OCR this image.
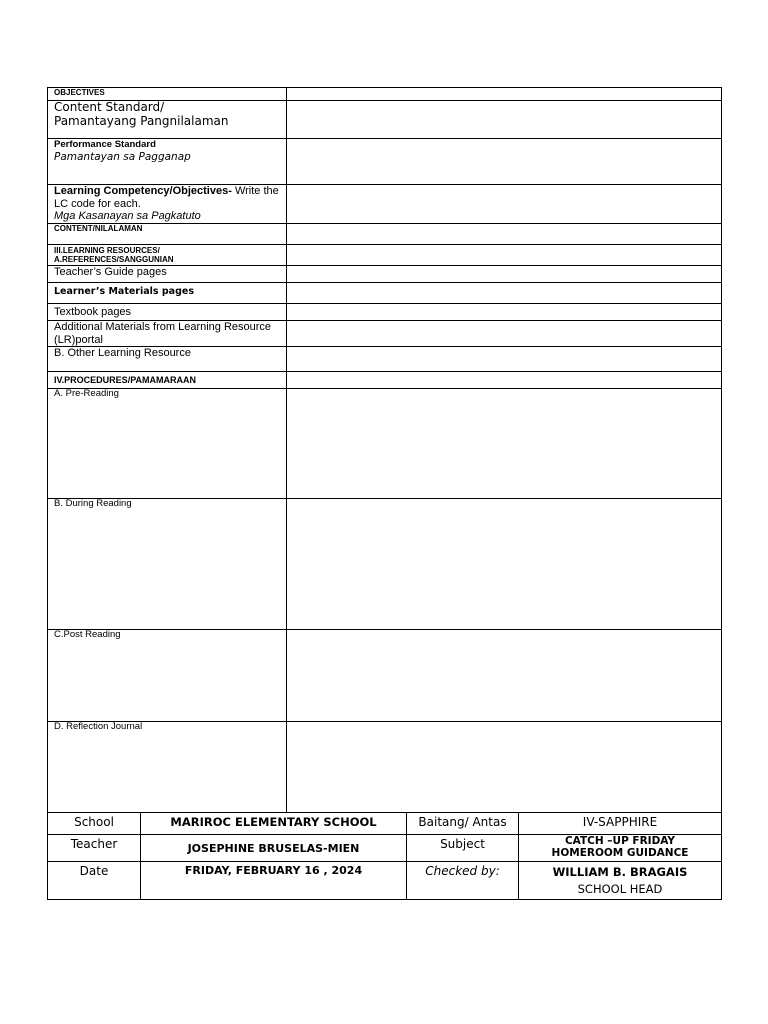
OBJECTIVES	

Content Standard/
Pamantayang Pangnilalaman	

Performance Standard
Pamantayan sa Pagganap	

Learning Competency/Objectives- Write the LC code for each.
Mga Kasanayan sa Pagkatuto	

CONTENT/NILALAMAN	

III.LEARNING RESOURCES/
A.REFERENCES/SANGGUNIAN	

Teacher’s Guide pages	
Learner’s Materials pages	
Textbook pages	
Additional Materials from Learning Resource (LR)portal	
B. Other Learning Resource	
IV.PROCEDURES/PAMAMARAAN	
A. Pre-Reading	
B. During Reading	
C.Post Reading	
D. Reflection Journal	
School	MARIROC ELEMENTARY SCHOOL	Baitang/ Antas	IV-SAPPHIRE
Teacher	JOSEPHINE BRUSELAS-MIEN	Subject	CATCH –UP FRIDAY
HOMEROOM GUIDANCE

Date	FRIDAY, FEBRUARY 16 , 2024	Checked by:	WILLIAM B. BRAGAIS
SCHOOL HEAD
